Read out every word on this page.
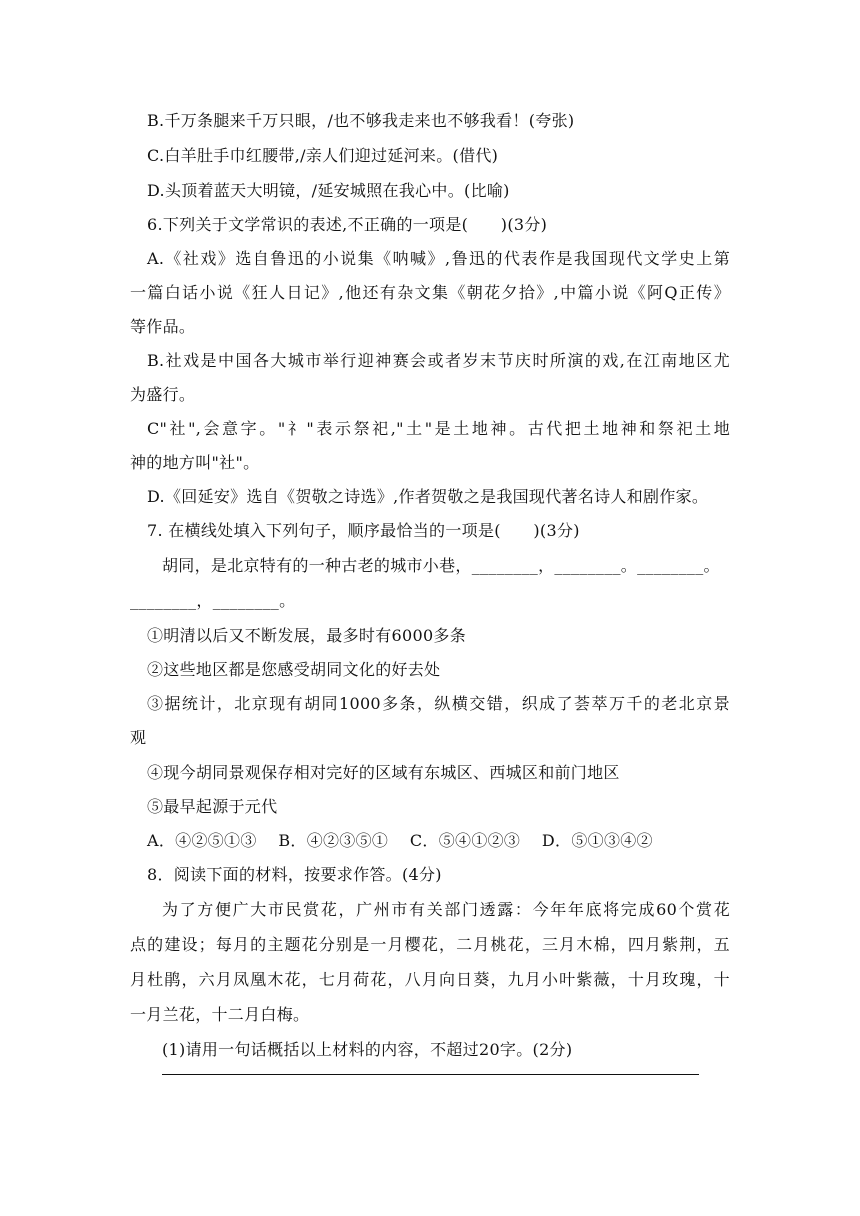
B.千万条腿来千万只眼，/也不够我走来也不够我看！(夸张)
C.白羊肚手巾红腰带,/亲人们迎过延河来。(借代)
D.头顶着蓝天大明镜，/延安城照在我心中。(比喻)
6.下列关于文学常识的表述,不正确的一项是(　　)(3分)
A.《社戏》选自鲁迅的小说集《呐喊》,鲁迅的代表作是我国现代文学史上第
一篇白话小说《狂人日记》,他还有杂文集《朝花夕拾》,中篇小说《阿Q正传》
等作品。
B.社戏是中国各大城市举行迎神赛会或者岁末节庆时所演的戏,在江南地区尤
为盛行。
C"社",会意字。"礻"表示祭祀,"土"是土地神。古代把土地神和祭祀土地
神的地方叫"社"。
D.《回延安》选自《贺敬之诗选》,作者贺敬之是我国现代著名诗人和剧作家。
7. 在横线处填入下列句子，顺序最恰当的一项是(　　)(3分)
胡同，是北京特有的一种古老的城市小巷，________，________。________。
________，________。
①明清以后又不断发展，最多时有6000多条
②这些地区都是您感受胡同文化的好去处
③据统计，北京现有胡同1000多条，纵横交错，织成了荟萃万千的老北京景
观
④现今胡同景观保存相对完好的区域有东城区、西城区和前门地区
⑤最早起源于元代
A．④②⑤①③　 B．④②③⑤①　 C．⑤④①②③　 D．⑤①③④②
8．阅读下面的材料，按要求作答。(4分)
为了方便广大市民赏花，广州市有关部门透露：今年年底将完成60个赏花
点的建设；每月的主题花分别是一月樱花，二月桃花，三月木棉，四月紫荆，五
月杜鹃，六月凤凰木花，七月荷花，八月向日葵，九月小叶紫薇，十月玫瑰，十
一月兰花，十二月白梅。
(1)请用一句话概括以上材料的内容，不超过20字。(2分)
